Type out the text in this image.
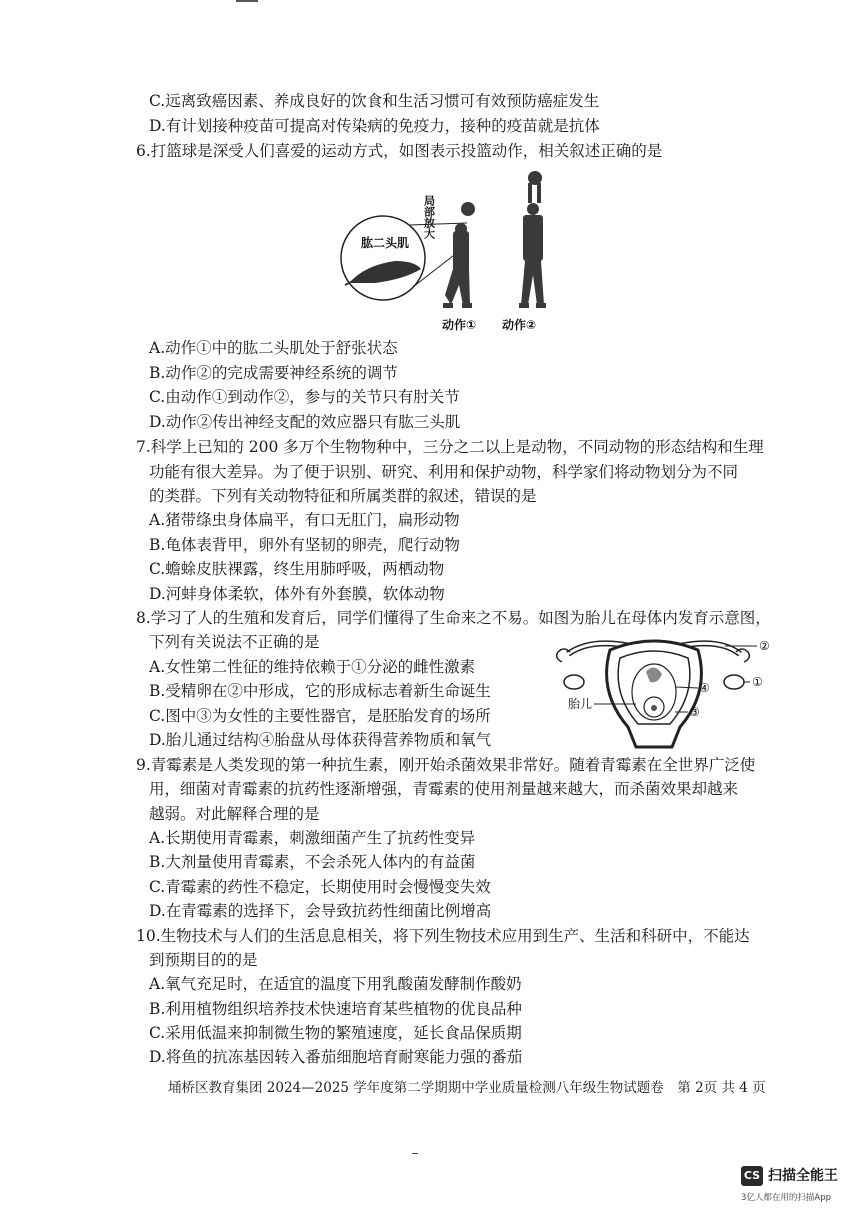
C.远离致癌因素、养成良好的饮食和生活习惯可有效预防癌症发生
D.有计划接种疫苗可提高对传染病的免疫力，接种的疫苗就是抗体
6.打篮球是深受人们喜爱的运动方式，如图表示投篮动作，相关叙述正确的是
肱二头肌
局部放大
动作① 动作②
A.动作①中的肱二头肌处于舒张状态
B.动作②的完成需要神经系统的调节
C.由动作①到动作②，参与的关节只有肘关节
D.动作②传出神经支配的效应器只有肱三头肌
7.科学上已知的 200 多万个生物物种中，三分之二以上是动物，不同动物的形态结构和生理
功能有很大差异。为了便于识别、研究、利用和保护动物，科学家们将动物划分为不同
的类群。下列有关动物特征和所属类群的叙述，错误的是
A.猪带绦虫身体扁平，有口无肛门，扁形动物
B.龟体表背甲，卵外有坚韧的卵壳，爬行动物
C.蟾蜍皮肤裸露，终生用肺呼吸，两栖动物
D.河蚌身体柔软，体外有外套膜，软体动物
8.学习了人的生殖和发育后，同学们懂得了生命来之不易。如图为胎儿在母体内发育示意图，
下列有关说法不正确的是
A.女性第二性征的维持依赖于①分泌的雌性激素
B.受精卵在②中形成，它的形成标志着新生命诞生
C.图中③为女性的主要性器官，是胚胎发育的场所
D.胎儿通过结构④胎盘从母体获得营养物质和氧气
②
①
④
③
胎儿
9.青霉素是人类发现的第一种抗生素，刚开始杀菌效果非常好。随着青霉素在全世界广泛使
用，细菌对青霉素的抗药性逐渐增强，青霉素的使用剂量越来越大，而杀菌效果却越来
越弱。对此解释合理的是
A.长期使用青霉素，刺激细菌产生了抗药性变异
B.大剂量使用青霉素，不会杀死人体内的有益菌
C.青霉素的药性不稳定，长期使用时会慢慢变失效
D.在青霉素的选择下，会导致抗药性细菌比例增高
10.生物技术与人们的生活息息相关，将下列生物技术应用到生产、生活和科研中，不能达
到预期目的的是
A.氧气充足时，在适宜的温度下用乳酸菌发酵制作酸奶
B.利用植物组织培养技术快速培育某些植物的优良品种
C.采用低温来抑制微生物的繁殖速度，延长食品保质期
D.将鱼的抗冻基因转入番茄细胞培育耐寒能力强的番茄
埇桥区教育集团 2024—2025 学年度第二学期期中学业质量检测八年级生物试题卷　第 2页 共 4 页
CS 扫描全能王
3亿人都在用的扫描App
